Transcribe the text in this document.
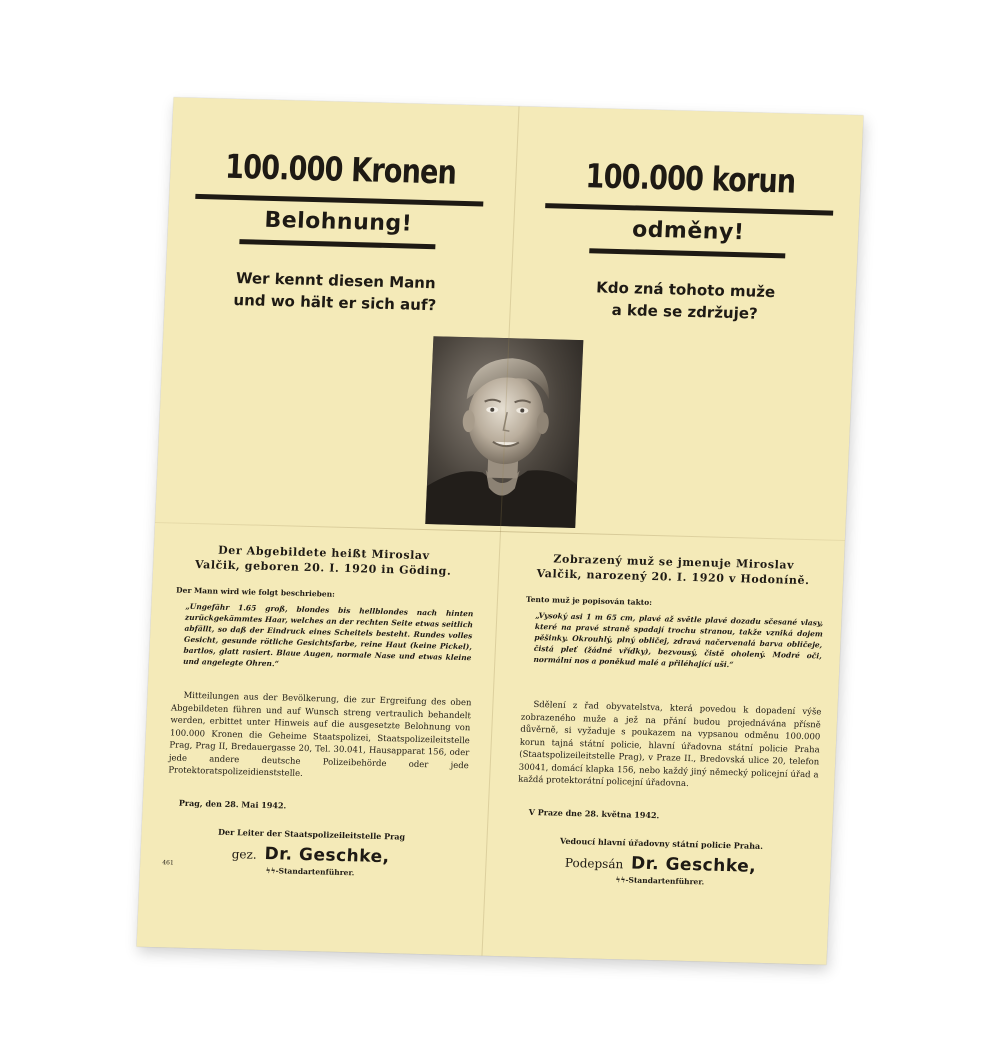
100.000 Kronen
Belohnung!
Wer kennt diesen Mann
und wo hält er sich auf?
Der Abgebildete heißt Miroslav
Valčik, geboren 20. I. 1920 in Göding.
Der Mann wird wie folgt beschrieben:
„Ungefähr 1.65 groß, blondes bis hellblondes nach hinten zurückgekämmtes Haar, welches an der rechten Seite etwas seitlich abfällt, so daß der Eindruck eines Scheitels besteht. Rundes volles Gesicht, gesunde rötliche Gesichtsfarbe, reine Haut (keine Pickel), bartlos, glatt rasiert. Blaue Augen, normale Nase und etwas kleine und angelegte Ohren.“
Mitteilungen aus der Bevölkerung, die zur Ergreifung des oben Abgebildeten führen und auf Wunsch streng vertraulich behandelt werden, erbittet unter Hinweis auf die ausgesetzte Belohnung von 100.000 Kronen die Geheime Staatspolizei, Staatspolizeileitstelle Prag, Prag II, Bredauergasse 20, Tel. 30.041, Hausapparat 156, oder jede andere deutsche Polizeibehörde oder jede Protektoratspolizeidienststelle.
Prag, den 28. Mai 1942.
Der Leiter der Staatspolizeileitstelle Prag
gez. Dr. Geschke,
ϟϟ-Standartenführer.
461
100.000 korun
odměny!
Kdo zná tohoto muže
a kde se zdržuje?
Zobrazený muž se jmenuje Miroslav
Valčik, narozený 20. I. 1920 v Hodoníně.
Tento muž je popisován takto:
„Vysoký asi 1 m 65 cm, plavé až světle plavé dozadu sčesané vlasy, které na pravé straně spadají trochu stranou, takže vzniká dojem pěšinky. Okrouhlý, plný obličej, zdravá načervenalá barva obličeje, čistá pleť (žádné vřídky), bezvousý, čistě oholený. Modré oči, normální nos a poněkud malé a přiléhající uši.“
Sdělení z řad obyvatelstva, která povedou k dopadení výše zobrazeného muže a jež na přání budou projednávána přísně důvěrně, si vyžaduje s poukazem na vypsanou odměnu 100.000 korun tajná státní policie, hlavní úřadovna státní policie Praha (Staatspolizeileitstelle Prag), v Praze II., Bredovská ulice 20, telefon 30041, domácí klapka 156, nebo každý jiný německý policejní úřad a každá protektorátní policejní úřadovna.
V Praze dne 28. května 1942.
Vedoucí hlavní úřadovny státní policie Praha.
Podepsán Dr. Geschke,
ϟϟ-Standartenführer.
